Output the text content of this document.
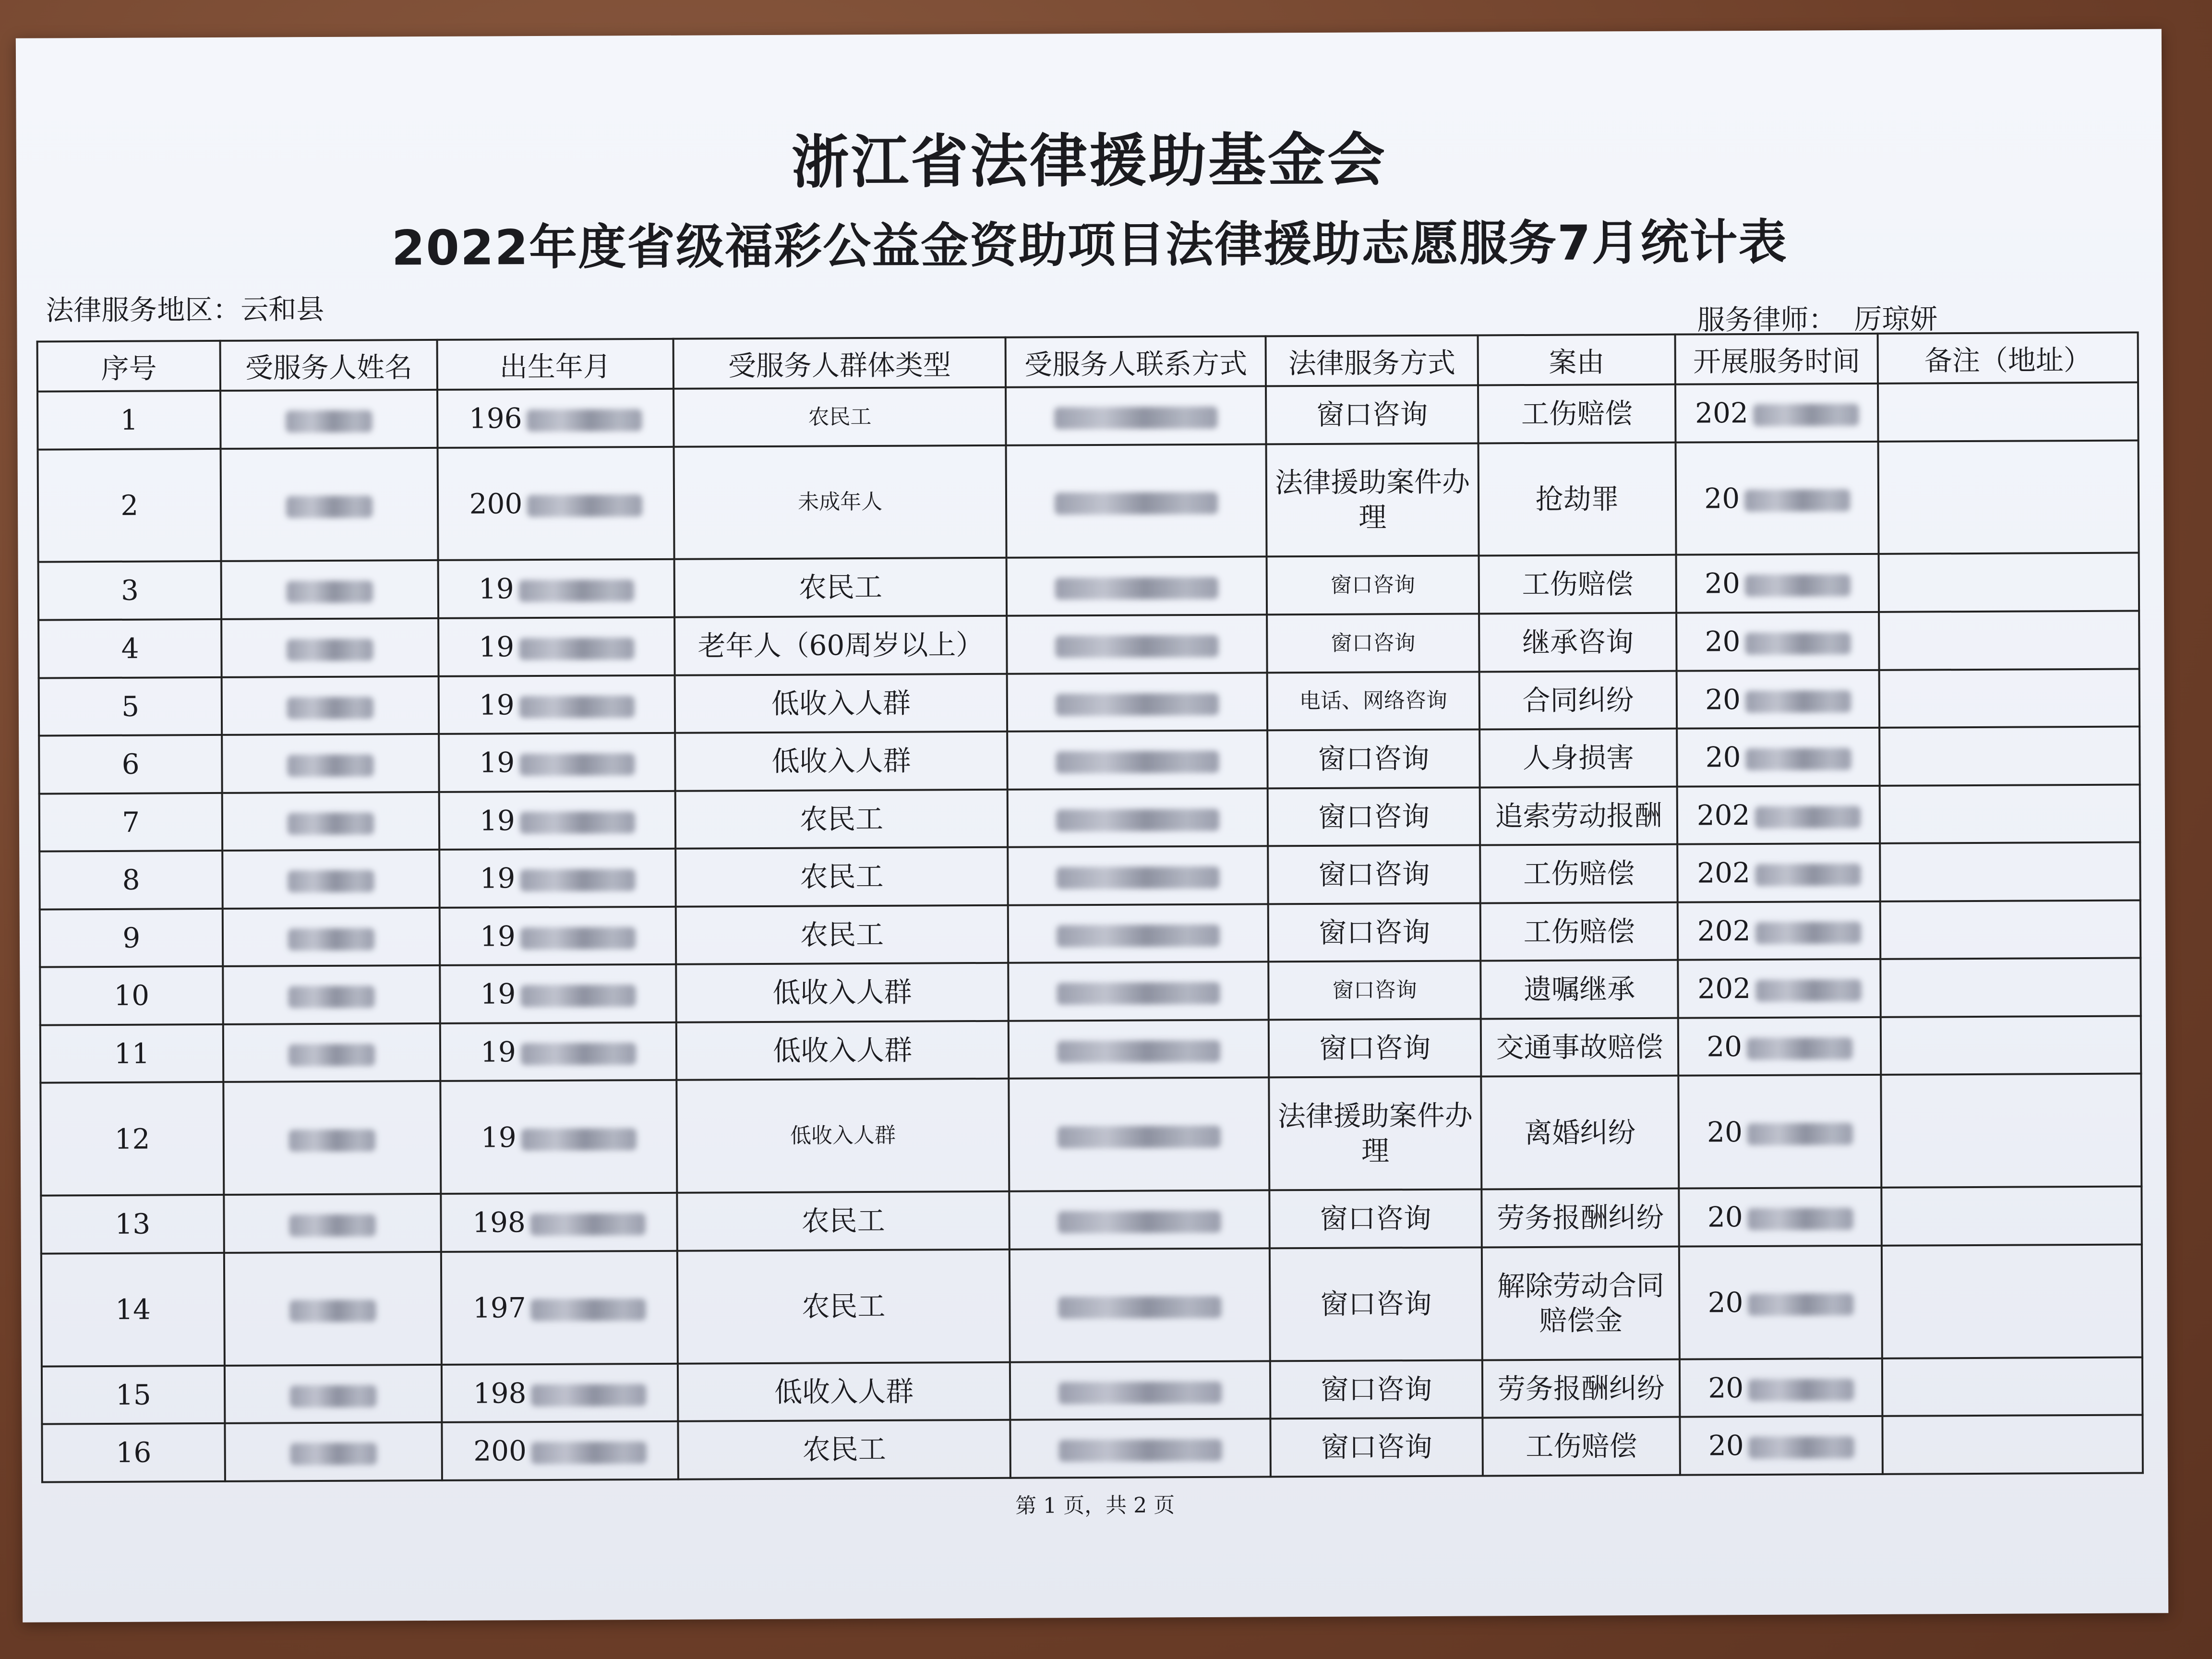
浙江省法律援助基金会
2022年度省级福彩公益金资助项目法律援助志愿服务7月统计表
法律服务地区：云和县	服务律师： 厉琼妍
序号	受服务人姓名	出生年月	受服务人群体类型	受服务人联系方式	法律服务方式	案由	开展服务时间	备注（地址）
1		196	农民工		窗口咨询	工伤赔偿	202	
2		200	未成年人		法律援助案件办理	抢劫罪	20	
3		19	农民工		窗口咨询	工伤赔偿	20	
4		19	老年人（60周岁以上）		窗口咨询	继承咨询	20	
5		19	低收入人群		电话、网络咨询	合同纠纷	20	
6		19	低收入人群		窗口咨询	人身损害	20	
7		19	农民工		窗口咨询	追索劳动报酬	202	
8		19	农民工		窗口咨询	工伤赔偿	202	
9		19	农民工		窗口咨询	工伤赔偿	202	
10		19	低收入人群		窗口咨询	遗嘱继承	202	
11		19	低收入人群		窗口咨询	交通事故赔偿	20	
12		19	低收入人群		法律援助案件办理	离婚纠纷	20	
13		198	农民工		窗口咨询	劳务报酬纠纷	20	
14		197	农民工		窗口咨询	解除劳动合同赔偿金	20	
15		198	低收入人群		窗口咨询	劳务报酬纠纷	20	
16		200	农民工		窗口咨询	工伤赔偿	20	
第 1 页，共 2 页
